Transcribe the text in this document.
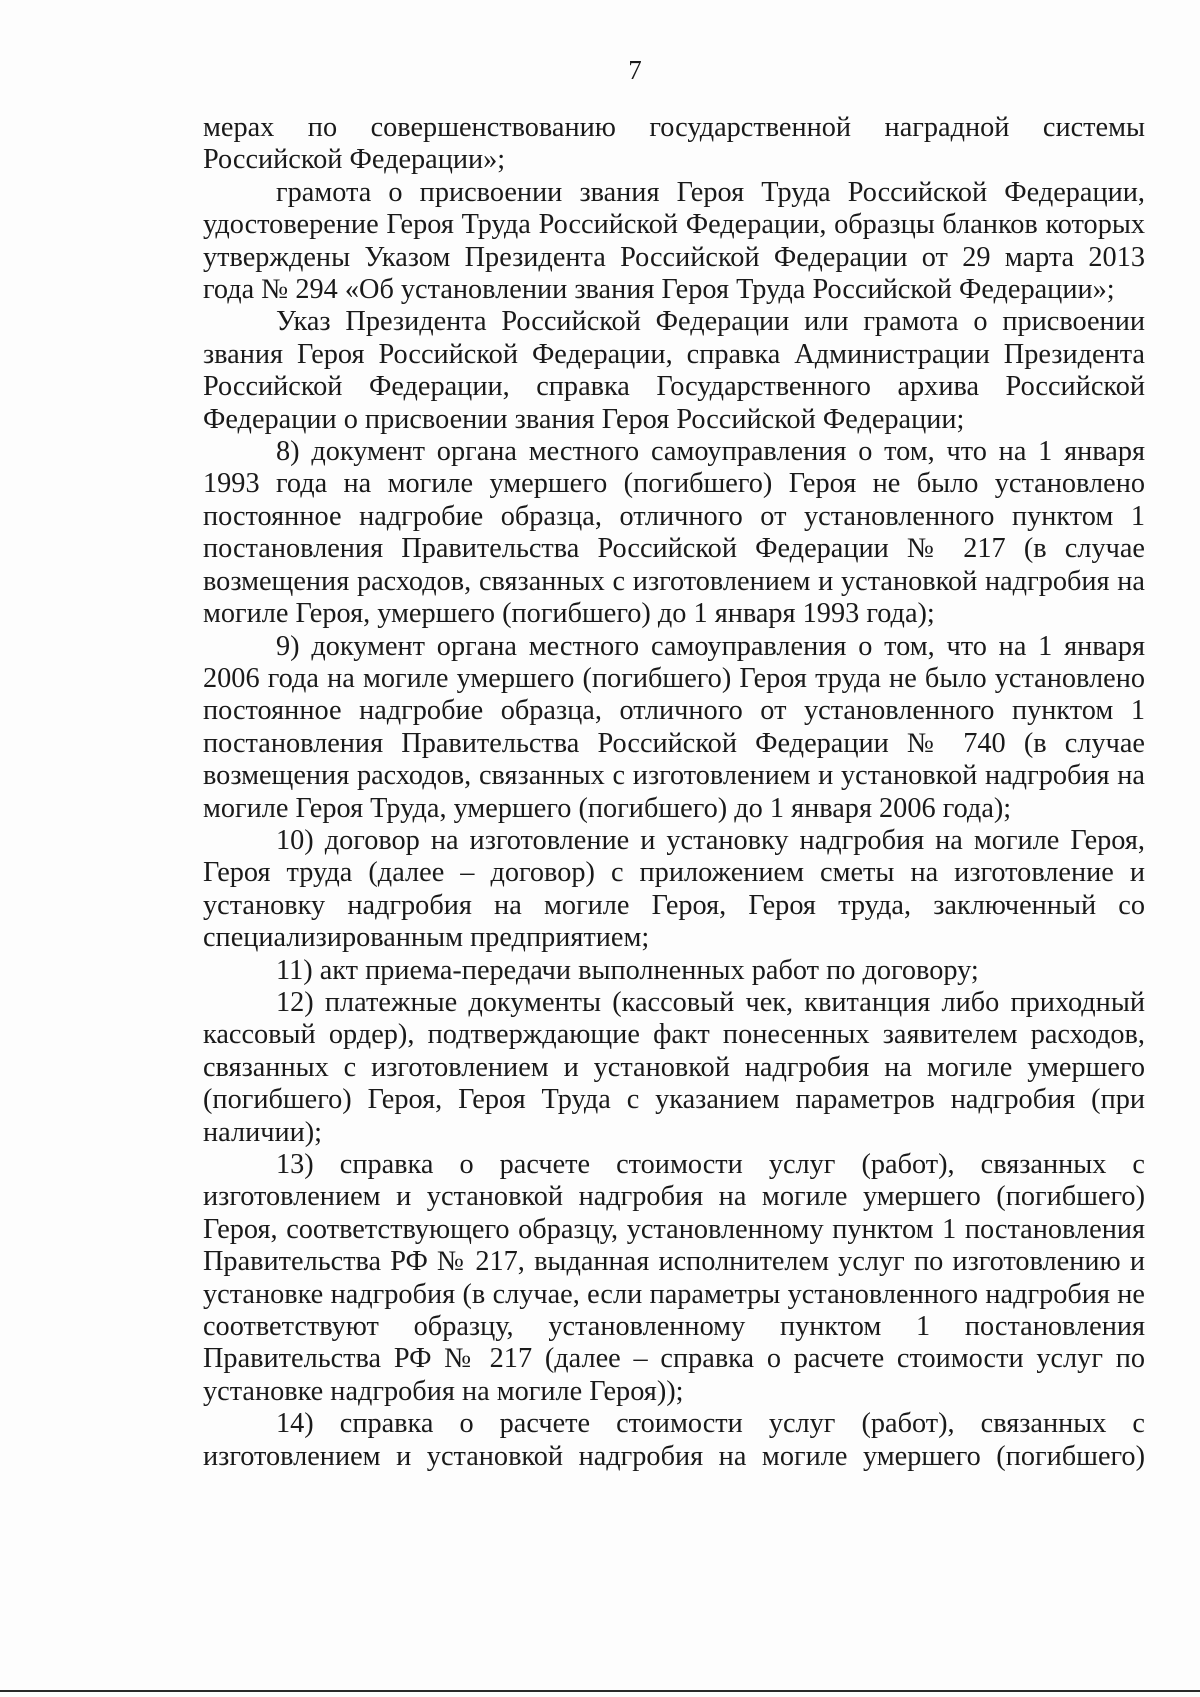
7

мерах по совершенствованию государственной наградной системы Российской Федерации»;

грамота о присвоении звания Героя Труда Российской Федерации, удостоверение Героя Труда Российской Федерации, образцы бланков которых утверждены Указом Президента Российской Федерации от 29 марта 2013 года № 294 «Об установлении звания Героя Труда Российской Федерации»;

Указ Президента Российской Федерации или грамота о присвоении звания Героя Российской Федерации, справка Администрации Президента Российской Федерации, справка Государственного архива Российской Федерации о присвоении звания Героя Российской Федерации;

8) документ органа местного самоуправления о том, что на 1 января 1993 года на могиле умершего (погибшего) Героя не было установлено постоянное надгробие образца, отличного от установленного пунктом 1 постановления Правительства Российской Федерации № 217 (в случае возмещения расходов, связанных с изготовлением и установкой надгробия на могиле Героя, умершего (погибшего) до 1 января 1993 года);

9) документ органа местного самоуправления о том, что на 1 января 2006 года на могиле умершего (погибшего) Героя труда не было установлено постоянное надгробие образца, отличного от установленного пунктом 1 постановления Правительства Российской Федерации № 740 (в случае возмещения расходов, связанных с изготовлением и установкой надгробия на могиле Героя Труда, умершего (погибшего) до 1 января 2006 года);

10) договор на изготовление и установку надгробия на могиле Героя, Героя труда (далее – договор) с приложением сметы на изготовление и установку надгробия на могиле Героя, Героя труда, заключенный со специализированным предприятием;

11) акт приема-передачи выполненных работ по договору;

12) платежные документы (кассовый чек, квитанция либо приходный кассовый ордер), подтверждающие факт понесенных заявителем расходов, связанных с изготовлением и установкой надгробия на могиле умершего (погибшего) Героя, Героя Труда с указанием параметров надгробия (при наличии);

13) справка о расчете стоимости услуг (работ), связанных с изготовлением и установкой надгробия на могиле умершего (погибшего) Героя, соответствующего образцу, установленному пунктом 1 постановления Правительства РФ № 217, выданная исполнителем услуг по изготовлению и установке надгробия (в случае, если параметры установленного надгробия не соответствуют образцу, установленному пунктом 1 постановления Правительства РФ № 217 (далее – справка о расчете стоимости услуг по установке надгробия на могиле Героя));

14) справка о расчете стоимости услуг (работ), связанных с изготовлением и установкой надгробия на могиле умершего (погибшего)
